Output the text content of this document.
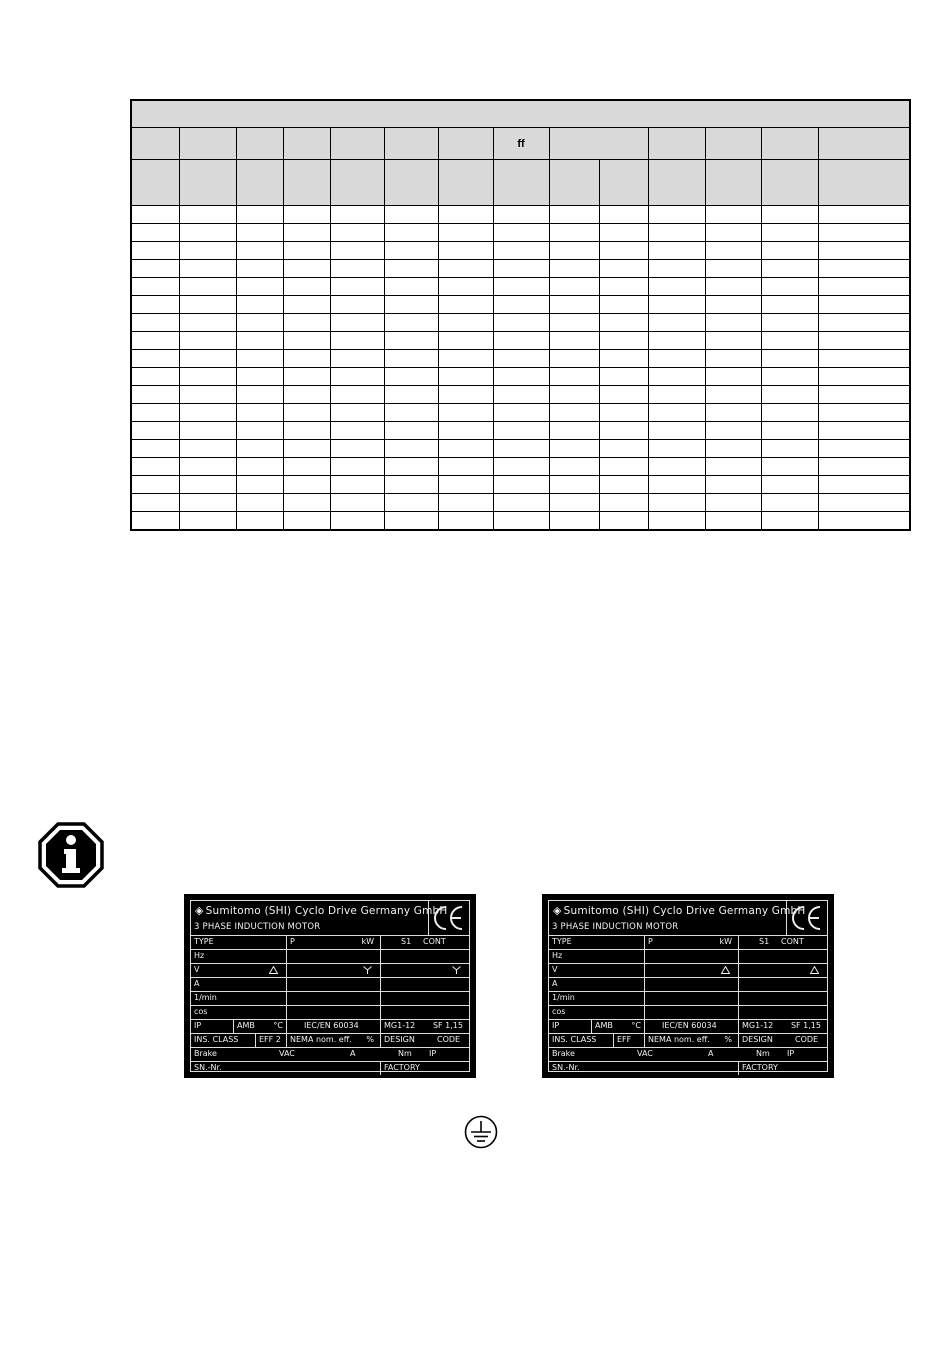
							ff						

◈ Sumitomo (SHI) Cyclo Drive Germany GmbH
3 PHASE INDUCTION MOTOR
TYPE	P	kW	S1 CONT
Hz
V
A
1/min
cos
IP	AMB °C	IEC/EN 60034	MG1-12 SF 1,15
INS. CLASS	EFF 2	NEMA nom. eff. %	DESIGN	CODE
Brake	VAC	A	Nm IP
SN.-Nr.	FACTORY
◈ Sumitomo (SHI) Cyclo Drive Germany GmbH
3 PHASE INDUCTION MOTOR
TYPE	P	kW	S1 CONT
Hz
V
A
1/min
cos
IP	AMB °C	IEC/EN 60034	MG1-12 SF 1,15
INS. CLASS	EFF	NEMA nom. eff. %	DESIGN	CODE
Brake	VAC	A	Nm IP
SN.-Nr.	FACTORY
